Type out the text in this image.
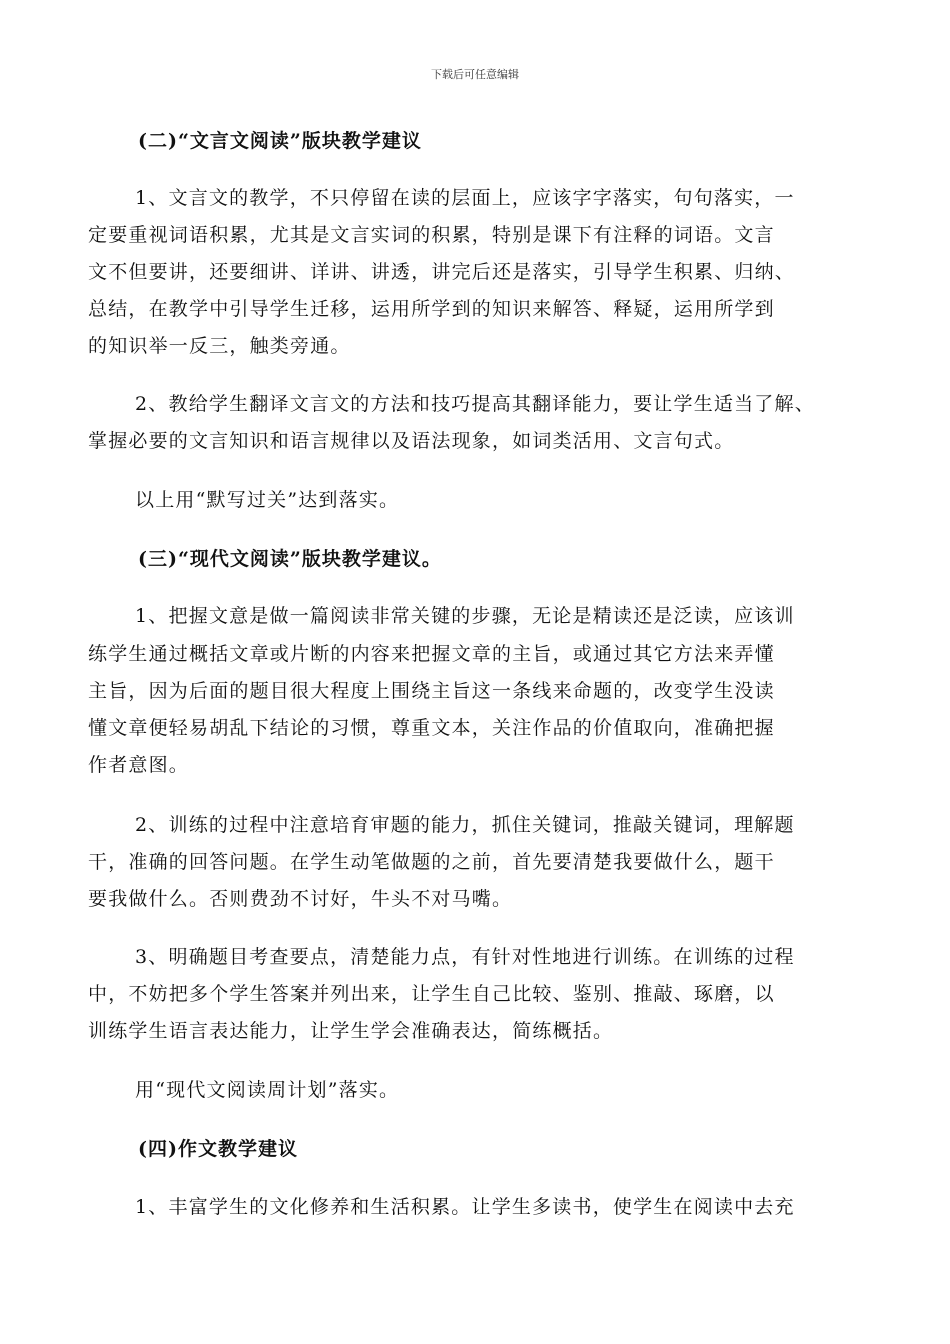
下载后可任意编辑
(二)“文言文阅读”版块教学建议
1、文言文的教学，不只停留在读的层面上，应该字字落实，句句落实，一
定要重视词语积累，尤其是文言实词的积累，特别是课下有注释的词语。文言
文不但要讲，还要细讲、详讲、讲透，讲完后还是落实，引导学生积累、归纳、
总结，在教学中引导学生迁移，运用所学到的知识来解答、释疑，运用所学到
的知识举一反三，触类旁通。
2、教给学生翻译文言文的方法和技巧提高其翻译能力，要让学生适当了解、
掌握必要的文言知识和语言规律以及语法现象，如词类活用、文言句式。
以上用“默写过关”达到落实。
(三)“现代文阅读”版块教学建议。
1、把握文意是做一篇阅读非常关键的步骤，无论是精读还是泛读，应该训
练学生通过概括文章或片断的内容来把握文章的主旨，或通过其它方法来弄懂
主旨，因为后面的题目很大程度上围绕主旨这一条线来命题的，改变学生没读
懂文章便轻易胡乱下结论的习惯，尊重文本，关注作品的价值取向，准确把握
作者意图。
2、训练的过程中注意培育审题的能力，抓住关键词，推敲关键词，理解题
干，准确的回答问题。在学生动笔做题的之前，首先要清楚我要做什么，题干
要我做什么。否则费劲不讨好，牛头不对马嘴。
3、明确题目考查要点，清楚能力点，有针对性地进行训练。在训练的过程
中，不妨把多个学生答案并列出来，让学生自己比较、鉴别、推敲、琢磨，以
训练学生语言表达能力，让学生学会准确表达，简练概括。
用“现代文阅读周计划”落实。
(四)作文教学建议
1、丰富学生的文化修养和生活积累。让学生多读书，使学生在阅读中去充
